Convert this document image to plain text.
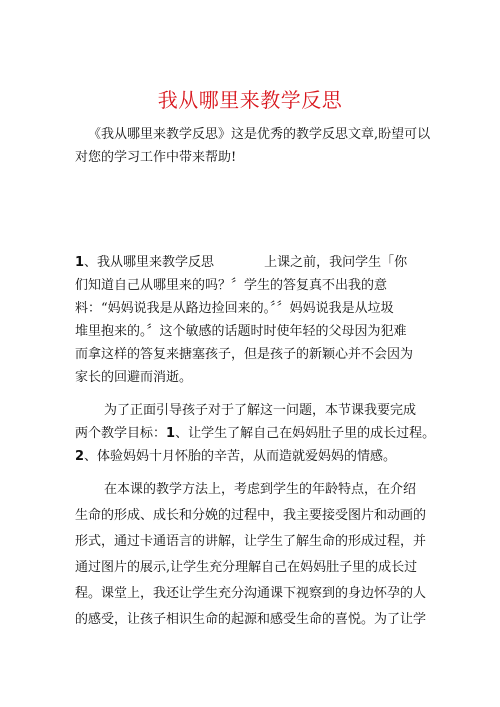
我从哪里来教学反思
《我从哪里来教学反思》这是优秀的教学反思文章,盼望可以
对您的学习工作中带来帮助!
1、我从哪里来教学反思	上课之前，我问学生「你
们知道自己从哪里来的吗？〞学生的答复真不出我的意
料：“妈妈说我是从路边捡回来的。〞〞妈妈说我是从垃圾
堆里抱来的。〞这个敏感的话题时时使年轻的父母因为犯难
而拿这样的答复来搪塞孩子，但是孩子的新颖心并不会因为
家长的回避而消逝。
为了正面引导孩子对于了解这一问题，本节课我要完成
两个教学目标：1、让学生了解自己在妈妈肚子里的成长过程。
2、体验妈妈十月怀胎的辛苦，从而造就爱妈妈的情感。
在本课的教学方法上，考虑到学生的年龄特点，在介绍
生命的形成、成长和分娩的过程中，我主要接受图片和动画的
形式，通过卡通语言的讲解，让学生了解生命的形成过程，并
通过图片的展示,让学生充分理解自己在妈妈肚子里的成长过
程。课堂上，我还让学生充分沟通课下视察到的身边怀孕的人
的感受，让孩子相识生命的起源和感受生命的喜悦。为了让学
